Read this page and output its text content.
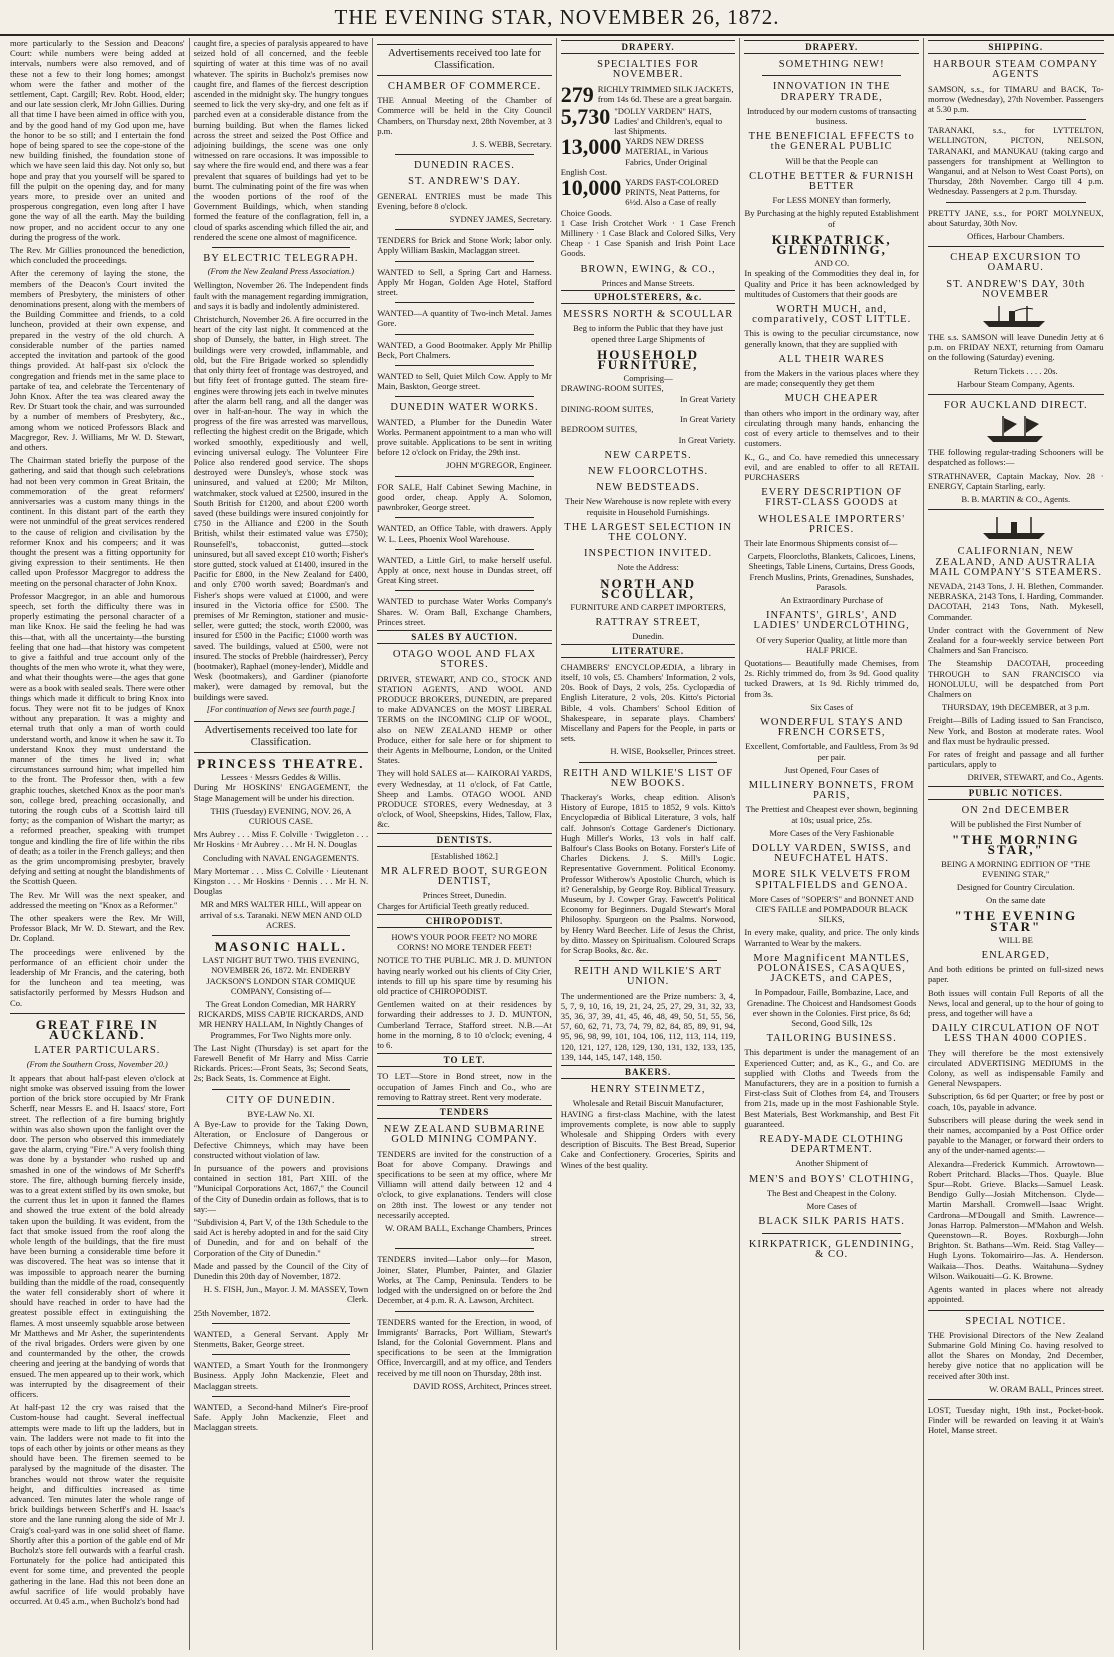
THE EVENING STAR, NOVEMBER 26, 1872.

more particularly to the Session and Deacons' Court: while numbers were being added at intervals, numbers were also removed, and of these not a few to their long homes; amongst whom were the father and mother of the settlement, Capt. Cargill; Rev. Robt. Hood, elder; and our late session clerk, Mr John Gillies. During all that time I have been aimed in office with you, and by the good hand of my God upon me, have the honor to be so still; and I entertain the fond hope of being spared to see the cope-stone of the new building finished, the foundation stone of which we have seen laid this day. Not only so, but hope and pray that you yourself will be spared to fill the pulpit on the opening day, and for many years more, to preside over an united and prosperous congregation, even long after I have gone the way of all the earth. May the building now proper, and no accident occur to any one during the progress of the work.

The Rev. Mr Gillies pronounced the benediction, which concluded the proceedings.

After the ceremony of laying the stone, the members of the Deacon's Court invited the members of Presbytery, the ministers of other denominations present, along with the members of the Building Committee and friends, to a cold luncheon, provided at their own expense, and prepared in the vestry of the old church. A considerable number of the parties named accepted the invitation and partook of the good things provided. At half-past six o'clock the congregation and friends met in the same place to partake of tea, and celebrate the Tercentenary of John Knox. After the tea was cleared away the Rev. Dr Stuart took the chair, and was surrounded by a number of members of Presbytery, &c., among whom we noticed Professors Black and Macgregor, Rev. J. Williams, Mr W. D. Stewart, and others.

The Chairman stated briefly the purpose of the gathering, and said that though such celebrations had not been very common in Great Britain, the commemoration of the great reformers' anniversaries was a custom many things in the continent. In this distant part of the earth they were not unmindful of the great services rendered to the cause of religion and civilisation by the reformer Knox and his compeers; and it was thought the present was a fitting opportunity for giving expression to their sentiments. He then called upon Professor Macgregor to address the meeting on the personal character of John Knox.

Professor Macgregor, in an able and humorous speech, set forth the difficulty there was in properly estimating the personal character of a man like Knox. He said the feeling he had was this—that, with all the uncertainty—the bursting feeling that one had—that history was competent to give a faithful and true account only of the thoughts of the men who wrote it, what they were, and what their thoughts were—the ages that gone were as a book with sealed seals. There were other things which made it difficult to bring Knox into focus. They were not fit to be judges of Knox without any preparation. It was a mighty and eternal truth that only a man of worth could understand worth, and know it when he saw it. To understand Knox they must understand the manner of the times he lived in; what circumstances surround him; what impelled him to the front. The Professor then, with a few graphic touches, sketched Knox as the poor man's son, college bred, preaching occasionally, and tutoring the rough cubs of a Scottish laird till forty; as the companion of Wishart the martyr; as a reformed preacher, speaking with trumpet tongue and kindling the fire of life within the ribs of death; as a toiler in the French galleys; and then as the grim uncompromising presbyter, bravely defying and setting at nought the blandishments of the Scottish Queen.

The Rev. Mr Will was the next speaker, and addressed the meeting on "Knox as a Reformer."

The other speakers were the Rev. Mr Will, Professor Black, Mr W. D. Stewart, and the Rev. Dr. Copland.

The proceedings were enlivened by the performance of an efficient choir under the leadership of Mr Francis, and the catering, both for the luncheon and tea meeting, was satisfactorily performed by Messrs Hudson and Co.

GREAT FIRE IN AUCKLAND.
LATER PARTICULARS.
(From the Southern Cross, November 20.)

It appears that about half-past eleven o'clock at night smoke was observed issuing from the lower portion of the brick store occupied by Mr Frank Scherff, near Messrs E. and H. Isaacs' store, Fort street. The reflection of a fire burning brightly within was also shown upon the fanlight over the door. The person who observed this immediately gave the alarm, crying "Fire." A very foolish thing was done by a bystander who rushed up and smashed in one of the windows of Mr Scherff's store. The fire, although burning fiercely inside, was to a great extent stifled by its own smoke, but the current thus let in upon it fanned the flames and showed the true extent of the bold already taken upon the building. It was evident, from the fact that smoke issued from the roof along the whole length of the buildings, that the fire must have been burning a considerable time before it was discovered. The heat was so intense that it was impossible to approach nearer the burning building than the middle of the road, consequently the water fell considerably short of where it should have reached in order to have had the greatest possible effect in extinguishing the flames. A most unseemly squabble arose between Mr Matthews and Mr Asher, the superintendents of the rival brigades. Orders were given by one and countermanded by the other, the crowds cheering and jeering at the bandying of words that ensued. The men appeared up to their work, which was interrupted by the disagreement of their officers.

At half-past 12 the cry was raised that the Custom-house had caught. Several ineffectual attempts were made to lift up the ladders, but in vain. The ladders were not made to fit into the tops of each other by joints or other means as they should have been. The firemen seemed to be paralysed by the magnitude of the disaster. The branches would not throw water the requisite height, and difficulties increased as time advanced. Ten minutes later the whole range of brick buildings between Scherff's and H. Isaac's store and the lane running along the side of Mr J. Craig's coal-yard was in one solid sheet of flame. Shortly after this a portion of the gable end of Mr Bucholz's store fell outwards with a fearful crash. Fortunately for the police had anticipated this event for some time, and prevented the people gathering in the lane. Had this not been done an awful sacrifice of life would probably have occurred. At 0.45 a.m., when Bucholz's bond had

caught fire, a species of paralysis appeared to have seized hold of all concerned, and the feeble squirting of water at this time was of no avail whatever. The spirits in Bucholz's premises now caught fire, and flames of the fiercest description ascended in the midnight sky. The hungry tongues seemed to lick the very sky-dry, and one felt as if parched even at a considerable distance from the burning building. But when the flames licked across the street and seized the Post Office and adjoining buildings, the scene was one only witnessed on rare occasions. It was impossible to say where the fire would end, and there was a fear prevalent that squares of buildings had yet to be burnt. The culminating point of the fire was when the wooden portions of the roof of the Government Buildings, which, when standing formed the feature of the conflagration, fell in, a cloud of sparks ascending which filled the air, and rendered the scene one almost of magnificence.

BY ELECTRIC TELEGRAPH.
(From the New Zealand Press Association.)

Wellington, November 26. The Independent finds fault with the management regarding immigration, and says it is badly and indolently administered.

Christchurch, November 26. A fire occurred in the heart of the city last night. It commenced at the shop of Dunsely, the batter, in High street. The buildings were very crowded, inflammable, and old, but the Fire Brigade worked so splendidly that only thirty feet of frontage was destroyed, and but fifty feet of frontage gutted. The steam fire-engines were throwing jets each in twelve minutes after the alarm bell rang, and all the danger was over in half-an-hour. The way in which the progress of the fire was arrested was marvellous, reflecting the highest credit on the Brigade, which worked smoothly, expeditiously and well, evincing universal eulogy. The Volunteer Fire Police also rendered good service. The shops destroyed were Dunsley's, whose stock was uninsured, and valued at £200; Mr Milton, watchmaker, stock valued at £2500, insured in the South British for £1200, and about £200 worth saved (these buildings were insured conjointly for £750 in the Alliance and £200 in the South British, whilst their estimated value was £750); Rounsefell's, tobacconist, gutted—stock uninsured, but all saved except £10 worth; Fisher's store gutted, stock valued at £1400, insured in the Pacific for £800, in the New Zealand for £400, and only £700 worth saved; Boardman's and Fisher's shops were valued at £1000, and were insured in the Victoria office for £500. The premises of Mr Remington, stationer and music-seller, were gutted; the stock, worth £2000, was insured for £500 in the Pacific; £1000 worth was saved. The buildings, valued at £500, were not insured. The stocks of Prebble (hairdresser), Percy (bootmaker), Raphael (money-lender), Middle and Wesk (bootmakers), and Gardiner (pianoforte maker), were damaged by removal, but the buildings were saved.

[For continuation of News see fourth page.]
Advertisements received too late for Classification.
PRINCESS THEATRE.
Lessees · Messrs Geddes & Willis.

During Mr HOSKINS' ENGAGEMENT, the Stage Management will be under his direction.

THIS (Tuesday) EVENING, NOV. 26, A CURIOUS CASE.

Mrs Aubrey . . . Miss F. Colville · Twiggleton . . . Mr Hoskins · Mr Aubrey . . . Mr H. N. Douglas

Concluding with NAVAL ENGAGEMENTS.

Mary Mortemar . . . Miss C. Colville · Lieutenant Kingston . . . Mr Hoskins · Dennis . . . Mr H. N. Douglas

MR and MRS WALTER HILL, Will appear on arrival of s.s. Taranaki. NEW MEN AND OLD ACRES.

MASONIC HALL.

LAST NIGHT BUT TWO. THIS EVENING, NOVEMBER 26, 1872. Mr. ENDERBY JACKSON'S LONDON STAR COMIQUE COMPANY, Consisting of—

The Great London Comedian, MR HARRY RICKARDS, MISS CAB'IE RICKARDS, AND MR HENRY HALLAM, In Nightly Changes of Programmes, For Two Nights more only.

The Last Night (Thursday) is set apart for the Farewell Benefit of Mr Harry and Miss Carrie Rickards. Prices:—Front Seats, 3s; Second Seats, 2s; Back Seats, 1s. Commence at Eight.

CITY OF DUNEDIN.
BYE-LAW No. XI.

A Bye-Law to provide for the Taking Down, Alteration, or Enclosure of Dangerous or Defective Chimneys, which may have been constructed without violation of law.

In pursuance of the powers and provisions contained in section 181, Part XIII. of the "Municipal Corporations Act, 1867," the Council of the City of Dunedin ordain as follows, that is to say:—

"Subdivision 4, Part V, of the 13th Schedule to the said Act is hereby adopted in and for the said City of Dunedin, and for and on behalf of the Corporation of the City of Dunedin."

Made and passed by the Council of the City of Dunedin this 20th day of November, 1872.

H. S. FISH, Jun., Mayor. J. M. MASSEY, Town Clerk.

25th November, 1872.

WANTED, a General Servant. Apply Mr Stenmetts, Baker, George street.

WANTED, a Smart Youth for the Ironmongery Business. Apply John Mackenzie, Fleet and Maclaggan streets.

WANTED, a Second-hand Milner's Fire-proof Safe. Apply John Mackenzie, Fleet and Maclaggan streets.

Advertisements received too late for Classification.
CHAMBER OF COMMERCE.

THE Annual Meeting of the Chamber of Commerce will be held in the City Council Chambers, on Thursday next, 28th November, at 3 p.m.

J. S. WEBB, Secretary.

DUNEDIN RACES.
ST. ANDREW'S DAY.

GENERAL ENTRIES must be made This Evening, before 8 o'clock.

SYDNEY JAMES, Secretary.

TENDERS for Brick and Stone Work; labor only. Apply William Baskin, Maclaggan street.

WANTED to Sell, a Spring Cart and Harness. Apply Mr Hogan, Golden Age Hotel, Stafford street.

WANTED—A quantity of Two-inch Metal. James Gore.

WANTED, a Good Bootmaker. Apply Mr Phillip Beck, Port Chalmers.

WANTED to Sell, Quiet Milch Cow. Apply to Mr Main, Baskton, George street.

DUNEDIN WATER WORKS.

WANTED, a Plumber for the Dunedin Water Works. Permanent appointment to a man who will prove suitable. Applications to be sent in writing before 12 o'clock on Friday, the 29th inst.

JOHN M'GREGOR, Engineer.

FOR SALE, Half Cabinet Sewing Machine, in good order, cheap. Apply A. Solomon, pawnbroker, George street.

WANTED, an Office Table, with drawers. Apply W. L. Lees, Phoenix Wool Warehouse.

WANTED, a Little Girl, to make herself useful. Apply at once, next house in Dundas street, off Great King street.

WANTED to purchase Water Works Company's Shares. W. Oram Ball, Exchange Chambers, Princes street.

SALES BY AUCTION.
OTAGO WOOL AND FLAX STORES.

DRIVER, STEWART, AND CO., STOCK AND STATION AGENTS, AND WOOL AND PRODUCE BROKERS, DUNEDIN, are prepared to make ADVANCES on the MOST LIBERAL TERMS on the INCOMING CLIP OF WOOL, also on NEW ZEALAND HEMP or other Produce, either for sale here or for shipment to their Agents in Melbourne, London, or the United States.

They will hold SALES at— KAIKORAI YARDS, every Wednesday, at 11 o'clock, of Fat Cattle, Sheep and Lambs. OTAGO WOOL AND PRODUCE STORES, every Wednesday, at 3 o'clock, of Wool, Sheepskins, Hides, Tallow, Flax, &c.

DENTISTS.
[Established 1862.]
MR ALFRED BOOT, SURGEON DENTIST,
Princes Street, Dunedin.

Charges for Artificial Teeth greatly reduced.

CHIROPODIST.

HOW'S YOUR POOR FEET? NO MORE CORNS! NO MORE TENDER FEET!

NOTICE TO THE PUBLIC. MR J. D. MUNTON having nearly worked out his clients of City Crier, intends to fill up his spare time by resuming his old practice of CHIROPODIST.

Gentlemen waited on at their residences by forwarding their addresses to J. D. MUNTON, Cumberland Terrace, Stafford street. N.B.—At home in the morning, 8 to 10 o'clock; evening, 4 to 6.

TO LET.

TO LET—Store in Bond street, now in the occupation of James Finch and Co., who are removing to Rattray street. Rent very moderate.

TENDERS
NEW ZEALAND SUBMARINE GOLD MINING COMPANY.

TENDERS are invited for the construction of a Boat for above Company. Drawings and specifications to be seen at my office, where Mr Villiamn will attend daily between 12 and 4 o'clock, to give explanations. Tenders will close on 28th inst. The lowest or any tender not necessarily accepted.

W. ORAM BALL, Exchange Chambers, Princes street.

TENDERS invited—Labor only—for Mason, Joiner, Slater, Plumber, Painter, and Glazier Works, at The Camp, Peninsula. Tenders to be lodged with the undersigned on or before the 2nd December, at 4 p.m. R. A. Lawson, Architect.

TENDERS wanted for the Erection, in wood, of Immigrants' Barracks, Port William, Stewart's Island, for the Colonial Government. Plans and specifications to be seen at the Immigration Office, Invercargill, and at my office, and Tenders received by me till noon on Thursday, 28th inst.

DAVID ROSS, Architect, Princes street.

DRAPERY.
SPECIALTIES FOR NOVEMBER.
279 RICHLY TRIMMED SILK JACKETS, from 14s 6d. These are a great bargain.
5,730 "DOLLY VARDEN" HATS, Ladies' and Children's, equal to last Shipments.
13,000 YARDS NEW DRESS MATERIAL, in Various Fabrics, Under Original English Cost.
10,000 YARDS FAST-COLORED PRINTS, Neat Patterns, for 6½d. Also a Case of really Choice Goods.

1 Case Irish Crotchet Work · 1 Case French Millinery · 1 Case Black and Colored Silks, Very Cheap · 1 Case Spanish and Irish Point Lace Goods.

BROWN, EWING, & CO.,
Princes and Manse Streets.
UPHOLSTERERS, &c.
MESSRS NORTH & SCOULLAR

Beg to inform the Public that they have just opened three Large Shipments of

HOUSEHOLD FURNITURE,
Comprising—
DRAWING-ROOM SUITES,
In Great Variety
DINING-ROOM SUITES,
In Great Variety
BEDROOM SUITES,
In Great Variety.
NEW CARPETS.
NEW FLOORCLOTHS.
NEW BEDSTEADS.

Their New Warehouse is now replete with every requisite in Household Furnishings.

THE LARGEST SELECTION IN THE COLONY.
INSPECTION INVITED.
Note the Address:
NORTH AND SCOULLAR,
FURNITURE AND CARPET IMPORTERS,
RATTRAY STREET,
Dunedin.
LITERATURE.

CHAMBERS' ENCYCLOPÆDIA, a library in itself, 10 vols, £5. Chambers' Information, 2 vols, 20s. Book of Days, 2 vols, 25s. Cyclopædia of English Literature, 2 vols, 20s. Kitto's Pictorial Bible, 4 vols. Chambers' School Edition of Shakespeare, in separate plays. Chambers' Miscellany and Papers for the People, in parts or sets.

H. WISE, Bookseller, Princes street.

REITH AND WILKIE'S LIST OF NEW BOOKS.

Thackeray's Works, cheap edition. Alison's History of Europe, 1815 to 1852, 9 vols. Kitto's Encyclopædia of Biblical Literature, 3 vols, half calf. Johnson's Cottage Gardener's Dictionary. Hugh Miller's Works, 13 vols in half calf. Balfour's Class Books on Botany. Forster's Life of Charles Dickens. J. S. Mill's Logic. Representative Government. Political Economy. Professor Witherow's Apostolic Church, which is it? Generalship, by George Roy. Biblical Treasury. Museum, by J. Cowper Gray. Fawcett's Political Economy for Beginners. Dugald Stewart's Moral Philosophy. Spurgeon on the Psalms. Norwood, by Henry Ward Beecher. Life of Jesus the Christ, by ditto. Massey on Spiritualism. Coloured Scraps for Scrap Books, &c. &c.

REITH AND WILKIE'S ART UNION.

The undermentioned are the Prize numbers: 3, 4, 5, 7, 9, 10, 16, 19, 21, 24, 25, 27, 29, 31, 32, 33, 35, 36, 37, 39, 41, 45, 46, 48, 49, 50, 51, 55, 56, 57, 60, 62, 71, 73, 74, 79, 82, 84, 85, 89, 91, 94, 95, 96, 98, 99, 101, 104, 106, 112, 113, 114, 119, 120, 121, 127, 128, 129, 130, 131, 132, 133, 135, 139, 144, 145, 147, 148, 150.

BAKERS.
HENRY STEINMETZ,
Wholesale and Retail Biscuit Manufacturer,

HAVING a first-class Machine, with the latest improvements complete, is now able to supply Wholesale and Shipping Orders with every description of Biscuits. The Best Bread, Superior Cake and Confectionery. Groceries, Spirits and Wines of the best quality.

DRAPERY.
SOMETHING NEW!
INNOVATION IN THE DRAPERY TRADE,

Introduced by our modern customs of transacting business.

THE BENEFICIAL EFFECTS to the GENERAL PUBLIC

Will be that the People can

CLOTHE BETTER & FURNISH BETTER

For LESS MONEY than formerly,

By Purchasing at the highly reputed Establishment of

KIRKPATRICK, GLENDINING,
AND CO.

In speaking of the Commodities they deal in, for Quality and Price it has been acknowledged by multitudes of Customers that their goods are

WORTH MUCH, and, comparatively, COST LITTLE.

This is owing to the peculiar circumstance, now generally known, that they are supplied with

ALL THEIR WARES

from the Makers in the various places where they are made; consequently they get them

MUCH CHEAPER

than others who import in the ordinary way, after circulating through many hands, enhancing the cost of every article to themselves and to their customers.

K., G., and Co. have remedied this unnecessary evil, and are enabled to offer to all RETAIL PURCHASERS

EVERY DESCRIPTION OF FIRST-CLASS GOODS at
WHOLESALE IMPORTERS' PRICES.

Their late Enormous Shipments consist of—

Carpets, Floorcloths, Blankets, Calicoes, Linens, Sheetings, Table Linens, Curtains, Dress Goods, French Muslins, Prints, Grenadines, Sunshades, Parasols.

An Extraordinary Purchase of

INFANTS', GIRLS', AND LADIES' UNDERCLOTHING,

Of very Superior Quality, at little more than HALF PRICE.

Quotations— Beautifully made Chemises, from 2s. Richly trimmed do, from 3s 9d. Good quality tucked Drawers, at 1s 9d. Richly trimmed do, from 3s.

Six Cases of

WONDERFUL STAYS AND FRENCH CORSETS,

Excellent, Comfortable, and Faultless, From 3s 9d per pair.

Just Opened, Four Cases of

MILLINERY BONNETS, FROM PARIS,

The Prettiest and Cheapest ever shown, beginning at 10s; usual price, 25s.

More Cases of the Very Fashionable

DOLLY VARDEN, SWISS, and NEUFCHATEL HATS.
MORE SILK VELVETS FROM SPITALFIELDS and GENOA.

More Cases of "SOPER'S" and BONNET AND CIE'S FAILLE and POMPADOUR BLACK SILKS,

In every make, quality, and price. The only kinds Warranted to Wear by the makers.

More Magnificent MANTLES, POLONAISES, CASAQUES, JACKETS, and CAPES,

In Pompadour, Faille, Bombazine, Lace, and Grenadine. The Choicest and Handsomest Goods ever shown in the Colonies. First price, 8s 6d; Second, Good Silk, 12s

TAILORING BUSINESS.

This department is under the management of an Experienced Cutter; and, as K., G., and Co. are supplied with Cloths and Tweeds from the Manufacturers, they are in a position to furnish a First-class Suit of Clothes from £4, and Trousers from 21s, made up in the most Fashionable Style. Best Materials, Best Workmanship, and Best Fit guaranteed.

READY-MADE CLOTHING DEPARTMENT.

Another Shipment of

MEN'S and BOYS' CLOTHING,

The Best and Cheapest in the Colony.

More Cases of

BLACK SILK PARIS HATS.
KIRKPATRICK, GLENDINING, & CO.
SHIPPING.
HARBOUR STEAM COMPANY AGENTS

SAMSON, s.s., for TIMARU and BACK, To-morrow (Wednesday), 27th November. Passengers at 5.30 p.m.

TARANAKI, s.s., for LYTTELTON, WELLINGTON, PICTON, NELSON, TARANAKI, and MANUKAU (taking cargo and passengers for transhipment at Wellington to Wanganui, and at Nelson to West Coast Ports), on Thursday, 28th November. Cargo till 4 p.m. Wednesday. Passengers at 2 p.m. Thursday.

PRETTY JANE, s.s., for PORT MOLYNEUX, about Saturday, 30th Nov.

Offices, Harbour Chambers.

CHEAP EXCURSION TO OAMARU.
ST. ANDREW'S DAY, 30th NOVEMBER

THE s.s. SAMSON will leave Dunedin Jetty at 6 p.m. on FRIDAY NEXT, returning from Oamaru on the following (Saturday) evening.

Return Tickets . . . . 20s.

Harbour Steam Company, Agents.

FOR AUCKLAND DIRECT.

THE following regular-trading Schooners will be despatched as follows:—

STRATHNAVER, Captain Mackay, Nov. 28 · ENERGY, Captain Starling, early.

B. B. MARTIN & CO., Agents.

CALIFORNIAN, NEW ZEALAND, AND AUSTRALIA MAIL COMPANY'S STEAMERS.

NEVADA, 2143 Tons, J. H. Blethen, Commander. NEBRASKA, 2143 Tons, I. Harding, Commander. DACOTAH, 2143 Tons, Nath. Mykesell, Commander.

Under contract with the Government of New Zealand for a four-weekly service between Port Chalmers and San Francisco.

The Steamship DACOTAH, proceeding THROUGH to SAN FRANCISCO via HONOLULU, will be despatched from Port Chalmers on

THURSDAY, 19th DECEMBER, at 3 p.m.

Freight—Bills of Lading issued to San Francisco, New York, and Boston at moderate rates. Wool and flax must be hydraulic pressed.

For rates of freight and passage and all further particulars, apply to

DRIVER, STEWART, and Co., Agents.

PUBLIC NOTICES.
ON 2nd DECEMBER

Will be published the First Number of

"THE MORNING STAR,"

BEING A MORNING EDITION OF "THE EVENING STAR,"

Designed for Country Circulation.

On the same date

"THE EVENING STAR"

WILL BE

ENLARGED,

And both editions be printed on full-sized news paper.

Both issues will contain Full Reports of all the News, local and general, up to the hour of going to press, and together will have a

DAILY CIRCULATION OF NOT LESS THAN 4000 COPIES.

They will therefore be the most extensively circulated ADVERTISING MEDIUMS in the Colony, as well as indispensable Family and General Newspapers.

Subscription, 6s 6d per Quarter; or free by post or coach, 10s, payable in advance.

Subscribers will please during the week send in their names, accompanied by a Post Office order payable to the Manager, or forward their orders to any of the under-named agents:—

Alexandra—Frederick Kummich. Arrowtown—Robert Pritchard. Blacks—Thos. Quayle. Blue Spur—Robt. Grieve. Blacks—Samuel Leask. Bendigo Gully—Josiah Mitchenson. Clyde—Martin Marshall. Cromwell—Isaac Wright. Cardrona—M'Dougall and Smith. Lawrence—Jonas Harrop. Palmerston—M'Mahon and Welsh. Queenstown—R. Boyes. Roxburgh—John Brighton. St. Bathans—Wm. Reid. Stag Valley—Hugh Lyons. Tokomairiro—Jas. A. Henderson. Waikaia—Thos. Deaths. Waitahuna—Sydney Wilson. Waikouaiti—G. K. Browne.

Agents wanted in places where not already appointed.

SPECIAL NOTICE.

THE Provisional Directors of the New Zealand Submarine Gold Mining Co. having resolved to allot the Shares on Monday, 2nd December, hereby give notice that no application will be received after 30th inst.

W. ORAM BALL, Princes street.

LOST, Tuesday night, 19th inst., Pocket-book. Finder will be rewarded on leaving it at Wain's Hotel, Manse street.
